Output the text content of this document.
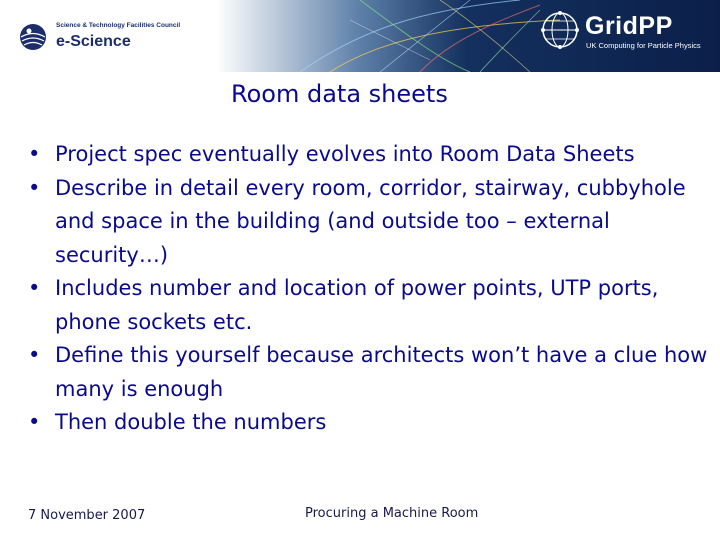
Science & Technology Facilities Council
e-Science
GridPP
UK Computing for Particle Physics
Room data sheets
• Project spec eventually evolves into Room Data Sheets
• Describe in detail every room, corridor, stairway, cubbyhole and space in the building (and outside too – external security…)
• Includes number and location of power points, UTP ports, phone sockets etc.
• Define this yourself because architects won’t have a clue how many is enough
• Then double the numbers
7 November 2007	Procuring a Machine Room
